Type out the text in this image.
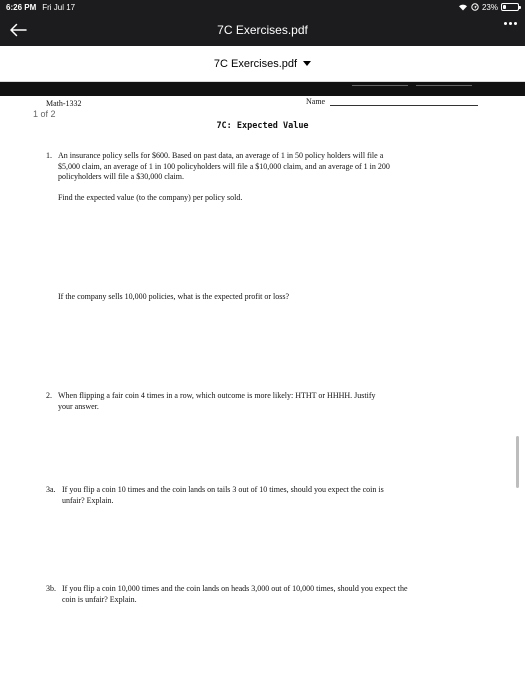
6:26 PM Fri Jul 17	23%
7C Exercises.pdf
7C Exercises.pdf
Math-1332	Name
1 of 2
7C: Expected Value
1. An insurance policy sells for $600. Based on past data, an average of 1 in 50 policy holders will file a
$5,000 claim, an average of 1 in 100 policyholders will file a $10,000 claim, and an average of 1 in 200
policyholders will file a $30,000 claim.
Find the expected value (to the company) per policy sold.
If the company sells 10,000 policies, what is the expected profit or loss?
2. When flipping a fair coin 4 times in a row, which outcome is more likely: HTHT or HHHH. Justify
your answer.
3a. If you flip a coin 10 times and the coin lands on tails 3 out of 10 times, should you expect the coin is
unfair? Explain.
3b. If you flip a coin 10,000 times and the coin lands on heads 3,000 out of 10,000 times, should you expect the
coin is unfair? Explain.
